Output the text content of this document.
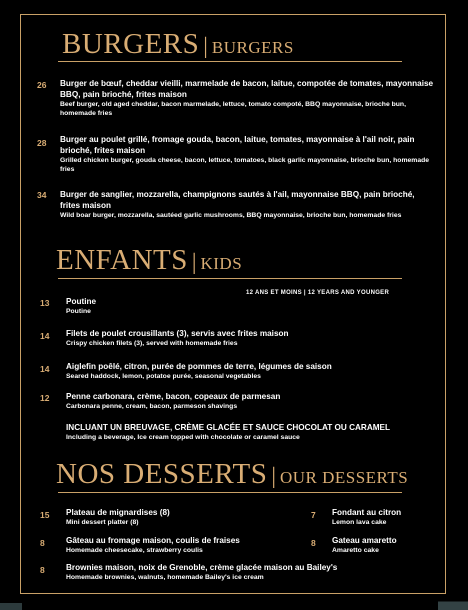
BURGERS | BURGERS
26 Burger de bœuf, cheddar vieilli, marmelade de bacon, laitue, compotée de tomates, mayonnaise BBQ, pain brioché, frites maison
Beef burger, old aged cheddar, bacon marmelade, lettuce, tomato compoté, BBQ mayonnaise, brioche bun, homemade fries
28 Burger au poulet grillé, fromage gouda, bacon, laitue, tomates, mayonnaise à l'ail noir, pain brioché, frites maison
Grilled chicken burger, gouda cheese, bacon, lettuce, tomatoes, black garlic mayonnaise, brioche bun, homemade fries
34 Burger de sanglier, mozzarella, champignons sautés à l'ail, mayonnaise BBQ, pain brioché, frites maison
Wild boar burger, mozzarella, sautéed garlic mushrooms, BBQ mayonnaise, brioche bun, homemade fries
ENFANTS | KIDS
12 ANS ET MOINS | 12 YEARS AND YOUNGER
13 Poutine
Poutine
14 Filets de poulet crousillants (3), servis avec frites maison
Crispy chicken filets (3), served with homemade fries
14 Aiglefin poêlé, citron, purée de pommes de terre, légumes de saison
Seared haddock, lemon, potatoe purée, seasonal vegetables
12 Penne carbonara, crème, bacon, copeaux de parmesan
Carbonara penne, cream, bacon, parmeson shavings
INCLUANT UN BREUVAGE, CRÈME GLACÉE ET SAUCE CHOCOLAT OU CARAMEL
Including a beverage, Ice cream topped with chocolate or caramel sauce
NOS DESSERTS | OUR DESSERTS
15 Plateau de mignardises (8)
Mini dessert platter (8)
7 Fondant au citron
Lemon lava cake
8	Gâteau au fromage maison, coulis de fraises
Homemade cheesecake, strawberry coulis
8 Gateau amaretto
Amaretto cake
8	Brownies maison, noix de Grenoble, crème glacée maison au Bailey's
Homemade brownies, walnuts, homemade Bailey's ice cream
